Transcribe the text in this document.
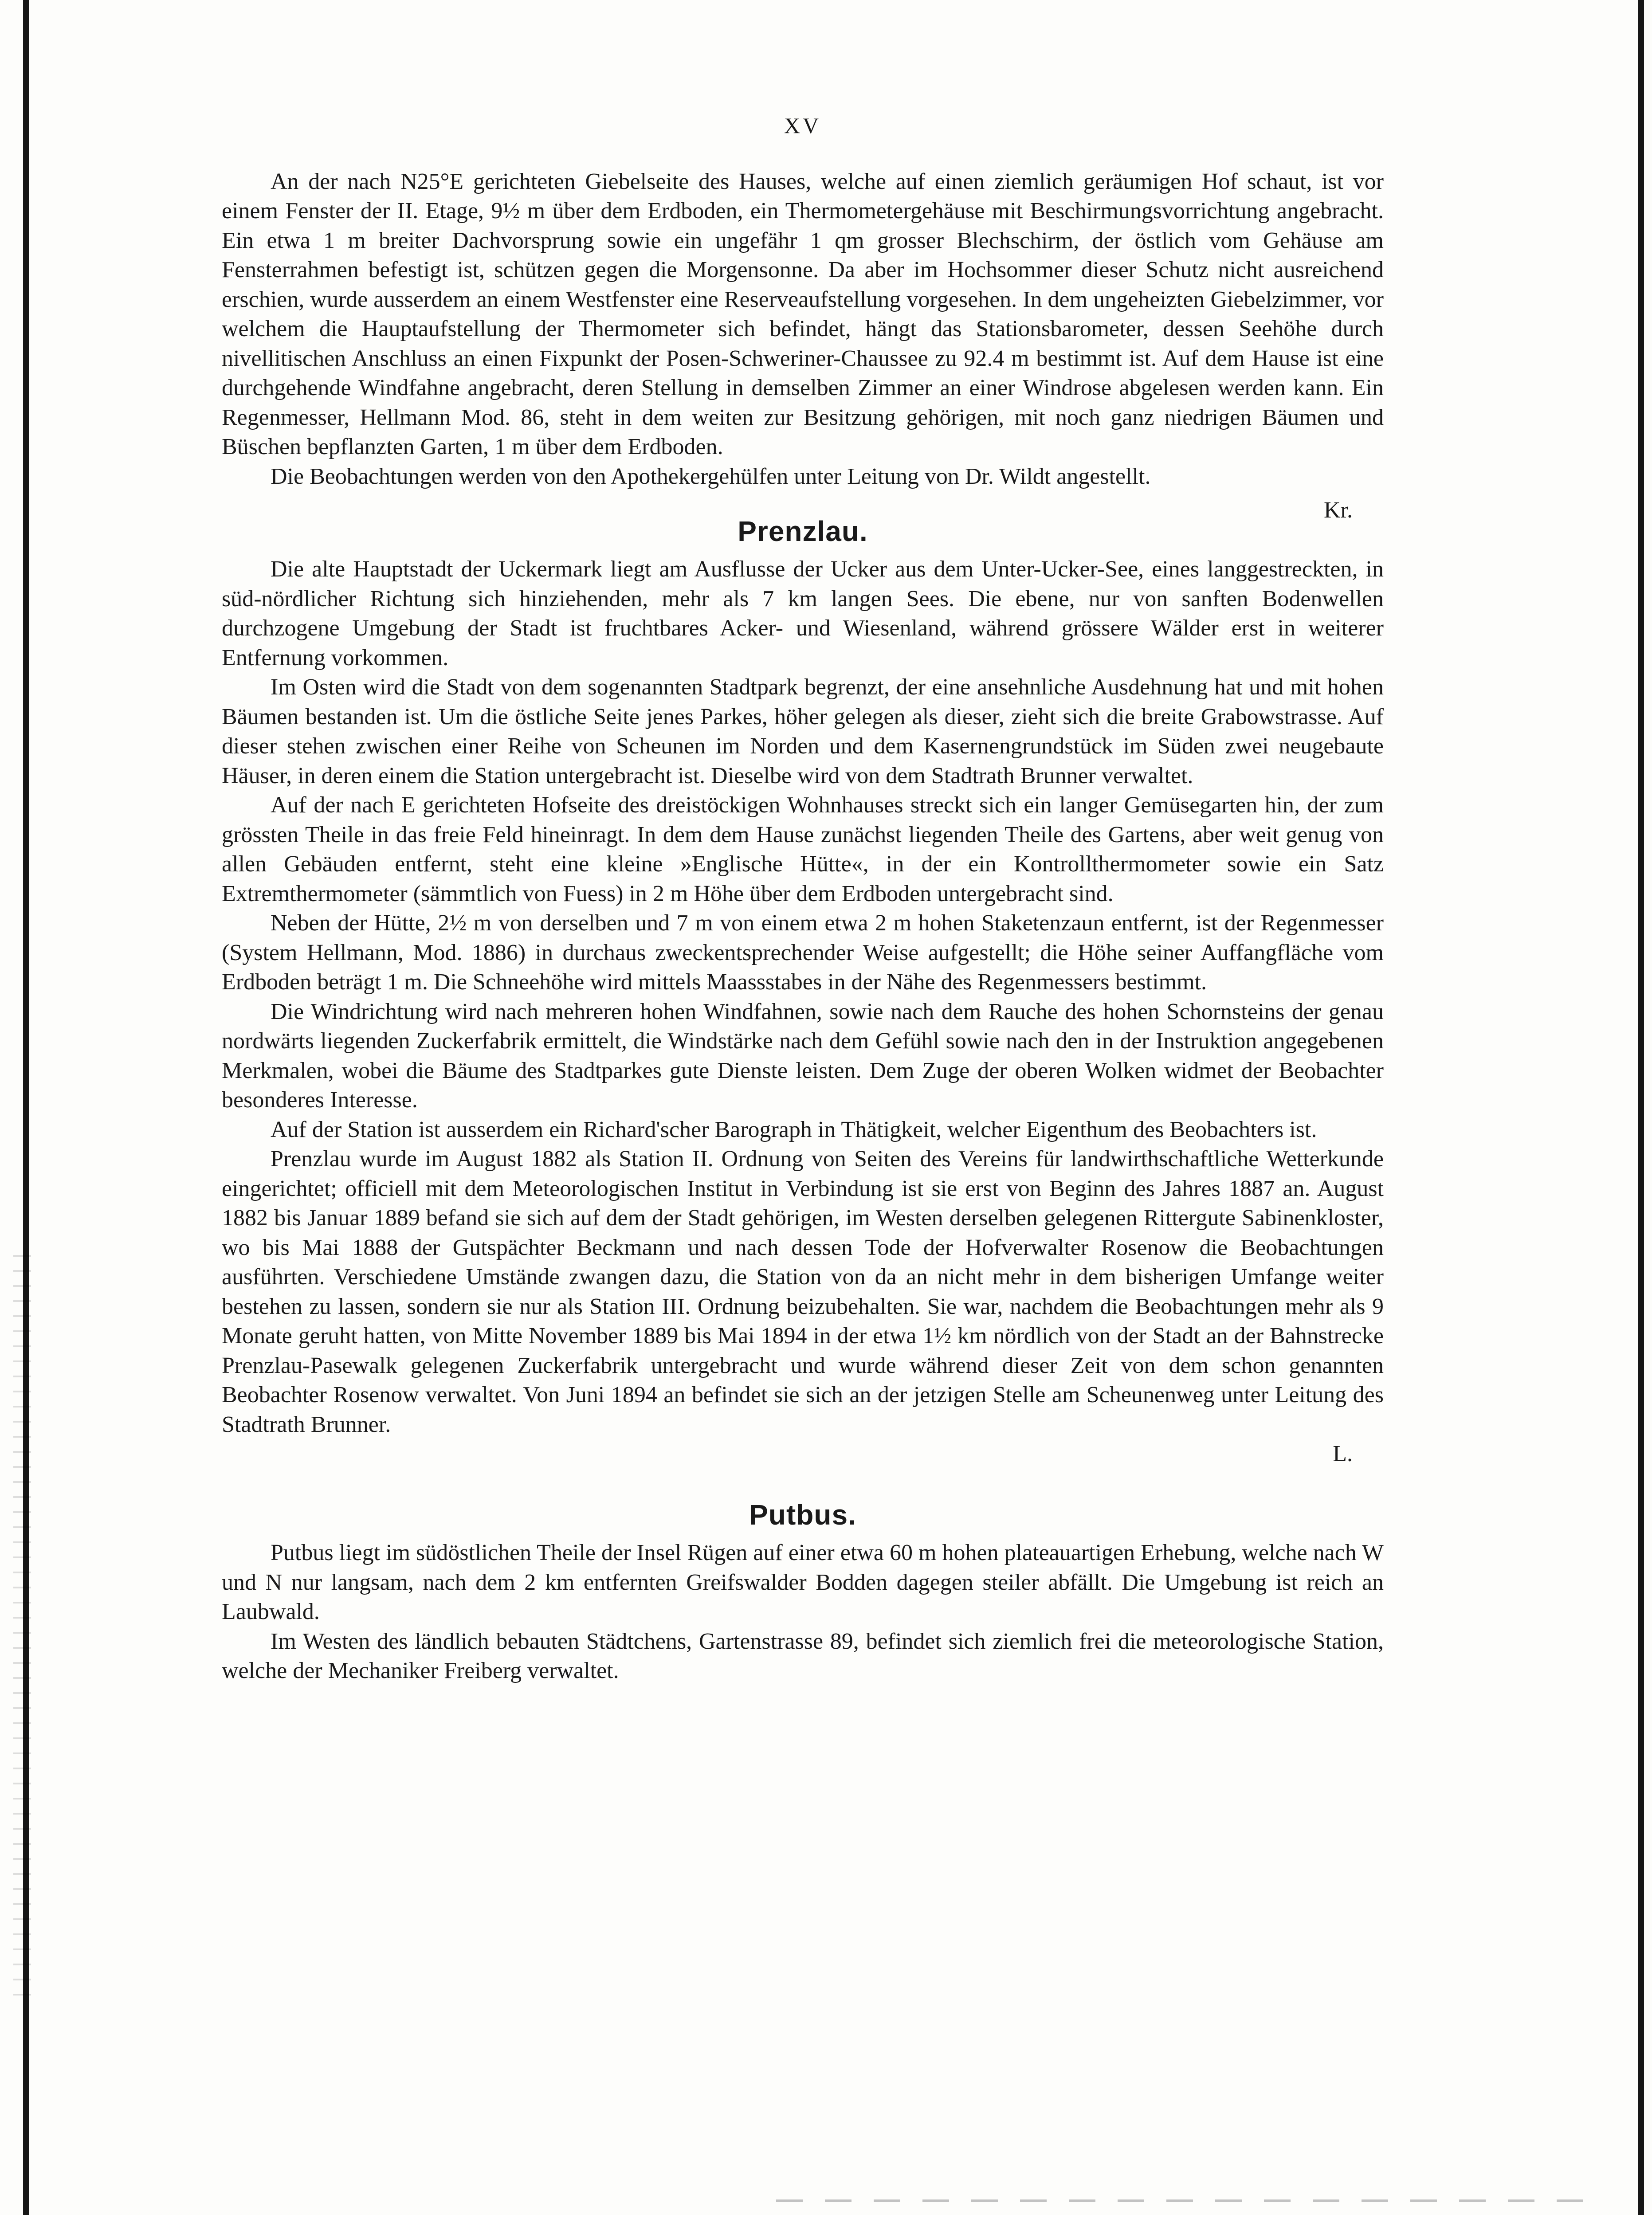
XV

An der nach N25°E gerichteten Giebelseite des Hauses, welche auf einen ziemlich geräumigen Hof schaut, ist vor einem Fenster der II. Etage, 9½ m über dem Erdboden, ein Thermometergehäuse mit Beschirmungsvorrichtung angebracht. Ein etwa 1 m breiter Dachvorsprung sowie ein ungefähr 1 qm grosser Blechschirm, der östlich vom Gehäuse am Fensterrahmen befestigt ist, schützen gegen die Morgensonne. Da aber im Hochsommer dieser Schutz nicht ausreichend erschien, wurde ausserdem an einem Westfenster eine Reserveaufstellung vorgesehen. In dem ungeheizten Giebelzimmer, vor welchem die Hauptaufstellung der Thermometer sich befindet, hängt das Stationsbarometer, dessen Seehöhe durch nivellitischen Anschluss an einen Fixpunkt der Posen-Schweriner-Chaussee zu 92.4 m bestimmt ist. Auf dem Hause ist eine durchgehende Windfahne angebracht, deren Stellung in demselben Zimmer an einer Windrose abgelesen werden kann. Ein Regenmesser, Hellmann Mod. 86, steht in dem weiten zur Besitzung gehörigen, mit noch ganz niedrigen Bäumen und Büschen bepflanzten Garten, 1 m über dem Erdboden.

Die Beobachtungen werden von den Apothekergehülfen unter Leitung von Dr. Wildt angestellt.

Kr.
Prenzlau.

Die alte Hauptstadt der Uckermark liegt am Ausflusse der Ucker aus dem Unter-Ucker-See, eines langgestreckten, in süd-nördlicher Richtung sich hinziehenden, mehr als 7 km langen Sees. Die ebene, nur von sanften Bodenwellen durchzogene Umgebung der Stadt ist fruchtbares Acker- und Wiesenland, während grössere Wälder erst in weiterer Entfernung vorkommen.

Im Osten wird die Stadt von dem sogenannten Stadtpark begrenzt, der eine ansehnliche Ausdehnung hat und mit hohen Bäumen bestanden ist. Um die östliche Seite jenes Parkes, höher gelegen als dieser, zieht sich die breite Grabowstrasse. Auf dieser stehen zwischen einer Reihe von Scheunen im Norden und dem Kasernengrundstück im Süden zwei neugebaute Häuser, in deren einem die Station untergebracht ist. Dieselbe wird von dem Stadtrath Brunner verwaltet.

Auf der nach E gerichteten Hofseite des dreistöckigen Wohnhauses streckt sich ein langer Gemüsegarten hin, der zum grössten Theile in das freie Feld hineinragt. In dem dem Hause zunächst liegenden Theile des Gartens, aber weit genug von allen Gebäuden entfernt, steht eine kleine »Englische Hütte«, in der ein Kontrollthermometer sowie ein Satz Extremthermometer (sämmtlich von Fuess) in 2 m Höhe über dem Erdboden untergebracht sind.

Neben der Hütte, 2½ m von derselben und 7 m von einem etwa 2 m hohen Staketenzaun entfernt, ist der Regenmesser (System Hellmann, Mod. 1886) in durchaus zweckentsprechender Weise aufgestellt; die Höhe seiner Auffangfläche vom Erdboden beträgt 1 m. Die Schneehöhe wird mittels Maassstabes in der Nähe des Regenmessers bestimmt.

Die Windrichtung wird nach mehreren hohen Windfahnen, sowie nach dem Rauche des hohen Schornsteins der genau nordwärts liegenden Zuckerfabrik ermittelt, die Windstärke nach dem Gefühl sowie nach den in der Instruktion angegebenen Merkmalen, wobei die Bäume des Stadtparkes gute Dienste leisten. Dem Zuge der oberen Wolken widmet der Beobachter besonderes Interesse.

Auf der Station ist ausserdem ein Richard'scher Barograph in Thätigkeit, welcher Eigenthum des Beobachters ist.

Prenzlau wurde im August 1882 als Station II. Ordnung von Seiten des Vereins für landwirthschaftliche Wetterkunde eingerichtet; officiell mit dem Meteorologischen Institut in Verbindung ist sie erst von Beginn des Jahres 1887 an. August 1882 bis Januar 1889 befand sie sich auf dem der Stadt gehörigen, im Westen derselben gelegenen Rittergute Sabinenkloster, wo bis Mai 1888 der Gutspächter Beckmann und nach dessen Tode der Hofverwalter Rosenow die Beobachtungen ausführten. Verschiedene Umstände zwangen dazu, die Station von da an nicht mehr in dem bisherigen Umfange weiter bestehen zu lassen, sondern sie nur als Station III. Ordnung beizubehalten. Sie war, nachdem die Beobachtungen mehr als 9 Monate geruht hatten, von Mitte November 1889 bis Mai 1894 in der etwa 1½ km nördlich von der Stadt an der Bahnstrecke Prenzlau-Pasewalk gelegenen Zuckerfabrik untergebracht und wurde während dieser Zeit von dem schon genannten Beobachter Rosenow verwaltet. Von Juni 1894 an befindet sie sich an der jetzigen Stelle am Scheunenweg unter Leitung des Stadtrath Brunner.

L.
Putbus.

Putbus liegt im südöstlichen Theile der Insel Rügen auf einer etwa 60 m hohen plateauartigen Erhebung, welche nach W und N nur langsam, nach dem 2 km entfernten Greifswalder Bodden dagegen steiler abfällt. Die Umgebung ist reich an Laubwald.

Im Westen des ländlich bebauten Städtchens, Gartenstrasse 89, befindet sich ziemlich frei die meteorologische Station, welche der Mechaniker Freiberg verwaltet.
